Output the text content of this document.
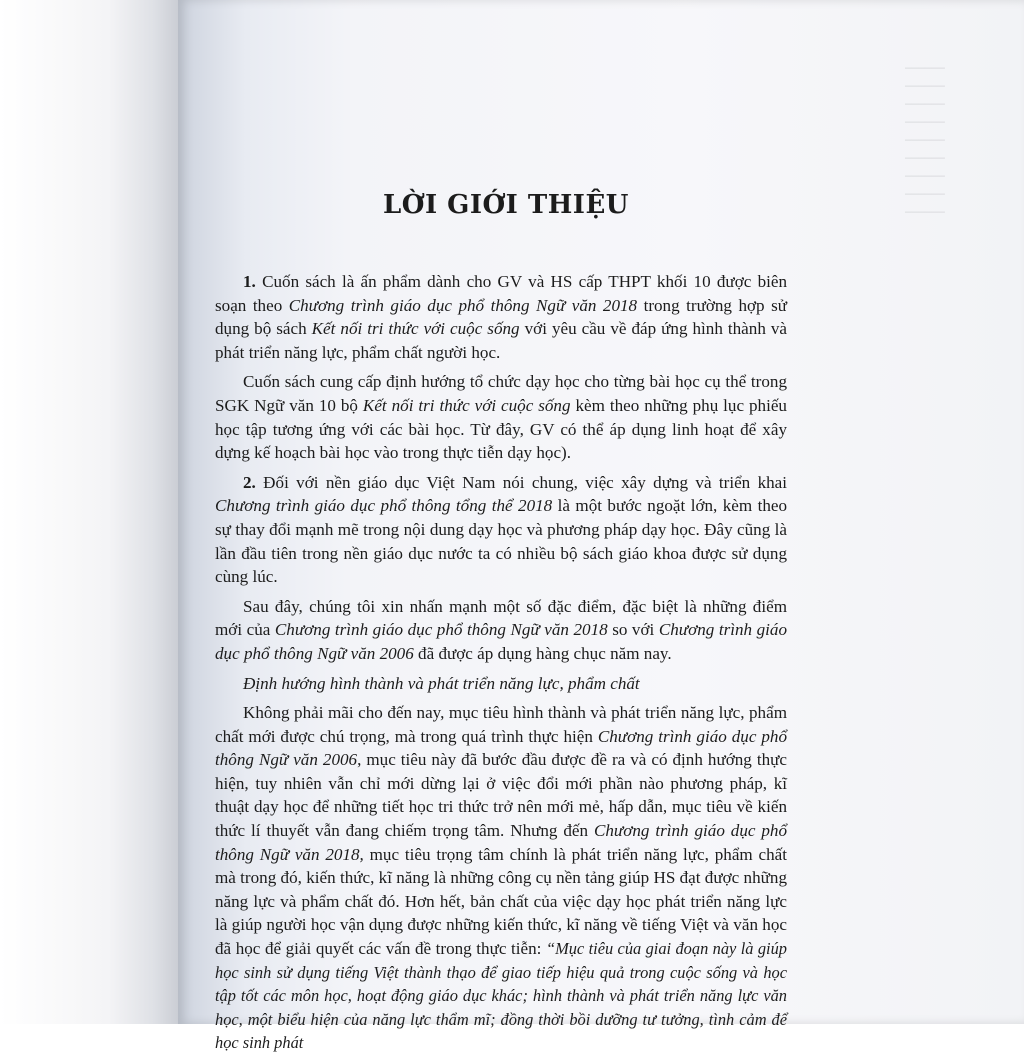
──────
──────
──────
──────
──────
──────
──────
──────
──────
LỜI GIỚI THIỆU

1. Cuốn sách là ấn phẩm dành cho GV và HS cấp THPT khối 10 được biên soạn theo Chương trình giáo dục phổ thông Ngữ văn 2018 trong trường hợp sử dụng bộ sách Kết nối tri thức với cuộc sống với yêu cầu về đáp ứng hình thành và phát triển năng lực, phẩm chất người học.

Cuốn sách cung cấp định hướng tổ chức dạy học cho từng bài học cụ thể trong SGK Ngữ văn 10 bộ Kết nối tri thức với cuộc sống kèm theo những phụ lục phiếu học tập tương ứng với các bài học. Từ đây, GV có thể áp dụng linh hoạt để xây dựng kế hoạch bài học vào trong thực tiễn dạy học).

2. Đối với nền giáo dục Việt Nam nói chung, việc xây dựng và triển khai Chương trình giáo dục phổ thông tổng thể 2018 là một bước ngoặt lớn, kèm theo sự thay đổi mạnh mẽ trong nội dung dạy học và phương pháp dạy học. Đây cũng là lần đầu tiên trong nền giáo dục nước ta có nhiều bộ sách giáo khoa được sử dụng cùng lúc.

Sau đây, chúng tôi xin nhấn mạnh một số đặc điểm, đặc biệt là những điểm mới của Chương trình giáo dục phổ thông Ngữ văn 2018 so với Chương trình giáo dục phổ thông Ngữ văn 2006 đã được áp dụng hàng chục năm nay.

Định hướng hình thành và phát triển năng lực, phẩm chất

Không phải mãi cho đến nay, mục tiêu hình thành và phát triển năng lực, phẩm chất mới được chú trọng, mà trong quá trình thực hiện Chương trình giáo dục phổ thông Ngữ văn 2006, mục tiêu này đã bước đầu được đề ra và có định hướng thực hiện, tuy nhiên vẫn chỉ mới dừng lại ở việc đổi mới phần nào phương pháp, kĩ thuật dạy học để những tiết học tri thức trở nên mới mẻ, hấp dẫn, mục tiêu về kiến thức lí thuyết vẫn đang chiếm trọng tâm. Nhưng đến Chương trình giáo dục phổ thông Ngữ văn 2018, mục tiêu trọng tâm chính là phát triển năng lực, phẩm chất mà trong đó, kiến thức, kĩ năng là những công cụ nền tảng giúp HS đạt được những năng lực và phẩm chất đó. Hơn hết, bản chất của việc dạy học phát triển năng lực là giúp người học vận dụng được những kiến thức, kĩ năng về tiếng Việt và văn học đã học để giải quyết các vấn đề trong thực tiễn: “Mục tiêu của giai đoạn này là giúp học sinh sử dụng tiếng Việt thành thạo để giao tiếp hiệu quả trong cuộc sống và học tập tốt các môn học, hoạt động giáo dục khác; hình thành và phát triển năng lực văn học, một biểu hiện của năng lực thẩm mĩ; đồng thời bồi dưỡng tư tưởng, tình cảm để học sinh phát
